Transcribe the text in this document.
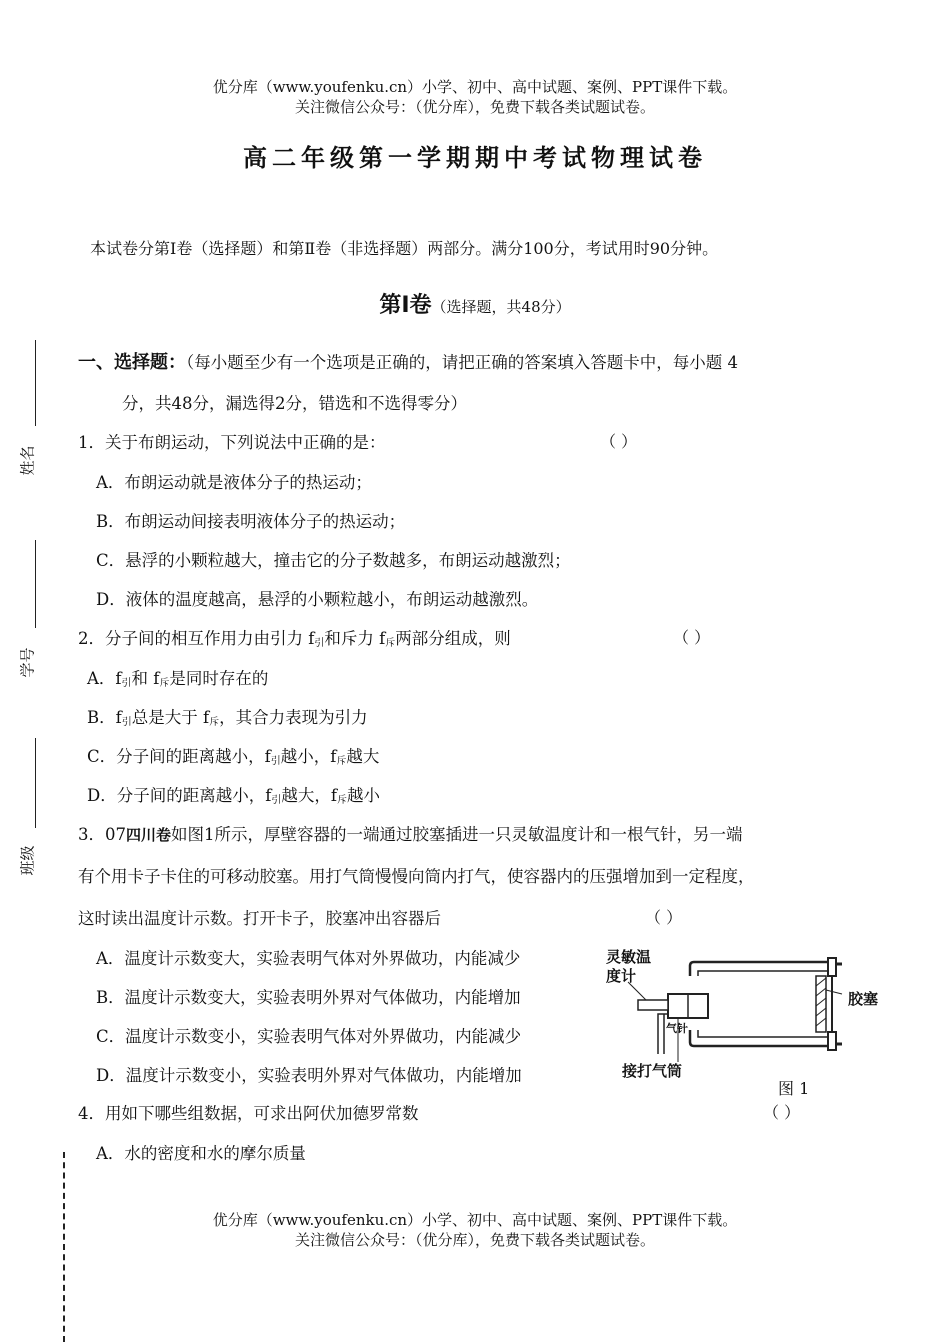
优分库（www.youfenku.cn）小学、初中、高中试题、案例、PPT课件下载。
关注微信公众号：（优分库），免费下载各类试题试卷。
高二年级第一学期期中考试物理试卷
本试卷分第Ⅰ卷（选择题）和第Ⅱ卷（非选择题）两部分。满分100分，考试用时90分钟。
第Ⅰ卷（选择题，共48分）
姓名
学号
班级
一、选择题：（每小题至少有一个选项是正确的，请把正确的答案填入答题卡中，每小题 4
分，共48分，漏选得2分，错选和不选得零分）
1．关于布朗运动，下列说法中正确的是：	（ ）
A．布朗运动就是液体分子的热运动；
B．布朗运动间接表明液体分子的热运动；
C．悬浮的小颗粒越大，撞击它的分子数越多，布朗运动越激烈；
D．液体的温度越高，悬浮的小颗粒越小，布朗运动越激烈。
2．分子间的相互作用力由引力 $f_引$和斥力 $f_斥$两部分组成，则	（ ）
A．$f_引$和 $f_斥$是同时存在的
B．$f_引$总是大于 $f_斥$，其合力表现为引力
C．分子间的距离越小，$f_引$越小，$f_斥$越大
D．分子间的距离越小，$f_引$越大，$f_斥$越小
3．07四川卷如图1所示，厚壁容器的一端通过胶塞插进一只灵敏温度计和一根气针，另一端
有个用卡子卡住的可移动胶塞。用打气筒慢慢向筒内打气，使容器内的压强增加到一定程度，
这时读出温度计示数。打开卡子，胶塞冲出容器后	（ ）
A．温度计示数变大，实验表明气体对外界做功，内能减少
B．温度计示数变大，实验表明外界对气体做功，内能增加
C．温度计示数变小，实验表明气体对外界做功，内能减少
D．温度计示数变小，实验表明外界对气体做功，内能增加
灵敏温
度计
胶塞
气针
接打气筒
图 1
4．用如下哪些组数据，可求出阿伏加德罗常数	（ ）
A．水的密度和水的摩尔质量
优分库（www.youfenku.cn）小学、初中、高中试题、案例、PPT课件下载。
关注微信公众号：（优分库），免费下载各类试题试卷。
